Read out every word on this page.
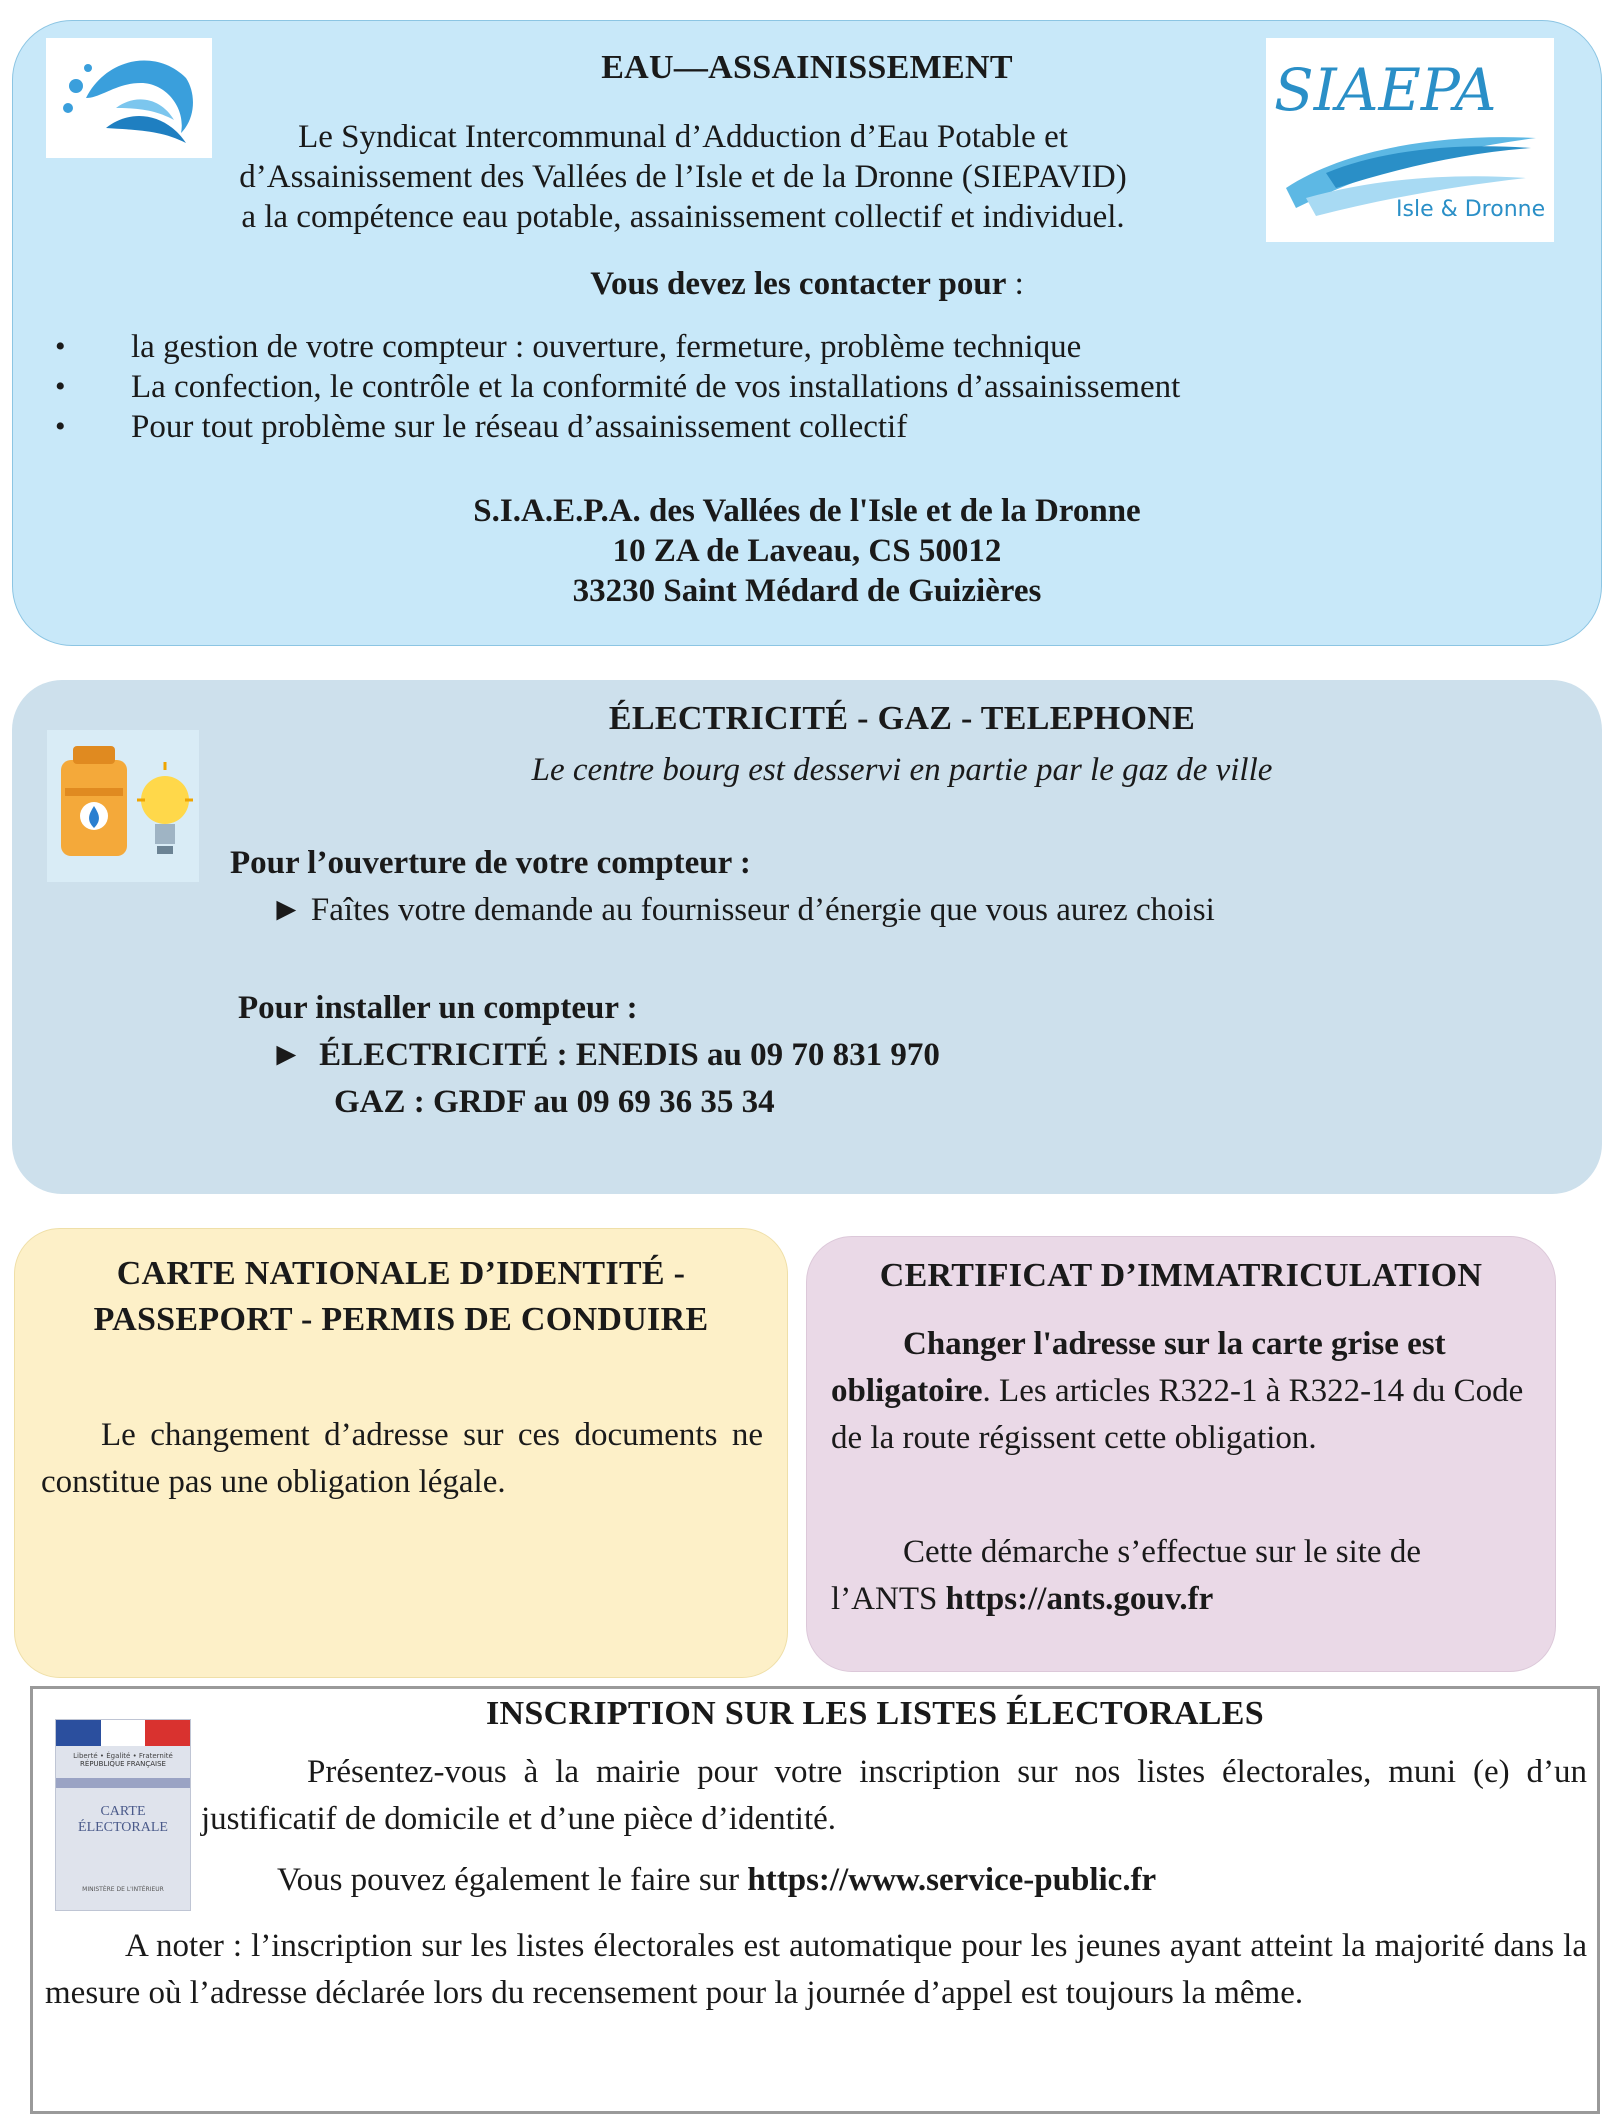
EAU—ASSAINISSEMENT
Le Syndicat Intercommunal d’Adduction d’Eau Potable et
d’Assainissement des Vallées de l’Isle et de la Dronne (SIEPAVID)
a la compétence eau potable, assainissement collectif et individuel.

Vous devez les contacter pour :

• la gestion de votre compteur : ouverture, fermeture, problème technique
• La confection, le contrôle et la conformité de vos installations d’assainissement
• Pour tout problème sur le réseau d’assainissement collectif
S.I.A.E.P.A. des Vallées de l'Isle et de la Dronne
10 ZA de Laveau, CS 50012
33230 Saint Médard de Guizières
SIAEPA
Isle & Dronne
ÉLECTRICITÉ - GAZ - TELEPHONE

Le centre bourg est desservi en partie par le gaz de ville

Pour l’ouverture de votre compteur :

► Faîtes votre demande au fournisseur d’énergie que vous aurez choisi

Pour installer un compteur :

► ÉLECTRICITÉ : ENEDIS au 09 70 831 970

GAZ : GRDF au 09 69 36 35 34

CARTE NATIONALE D’IDENTITÉ - PASSEPORT - PERMIS DE CONDUIRE

Le changement d’adresse sur ces documents ne constitue pas une obligation légale.

CERTIFICAT D’IMMATRICULATION

Changer l'adresse sur la carte grise est obligatoire. Les articles R322-1 à R322-14 du Code de la route régissent cette obligation.

Cette démarche s’effectue sur le site de l’ANTS https://ants.gouv.fr

Liberté • Égalité • Fraternité
RÉPUBLIQUE FRANÇAISE
CARTE
ÉLECTORALE
MINISTÈRE DE L'INTÉRIEUR
INSCRIPTION SUR LES LISTES ÉLECTORALES

Présentez-vous à la mairie pour votre inscription sur nos listes électorales, muni (e) d’un justificatif de domicile et d’une pièce d’identité.

Vous pouvez également le faire sur https://www.service-public.fr

A noter : l’inscription sur les listes électorales est automatique pour les jeunes ayant atteint la majorité dans la mesure où l’adresse déclarée lors du recensement pour la journée d’appel est toujours la même.
